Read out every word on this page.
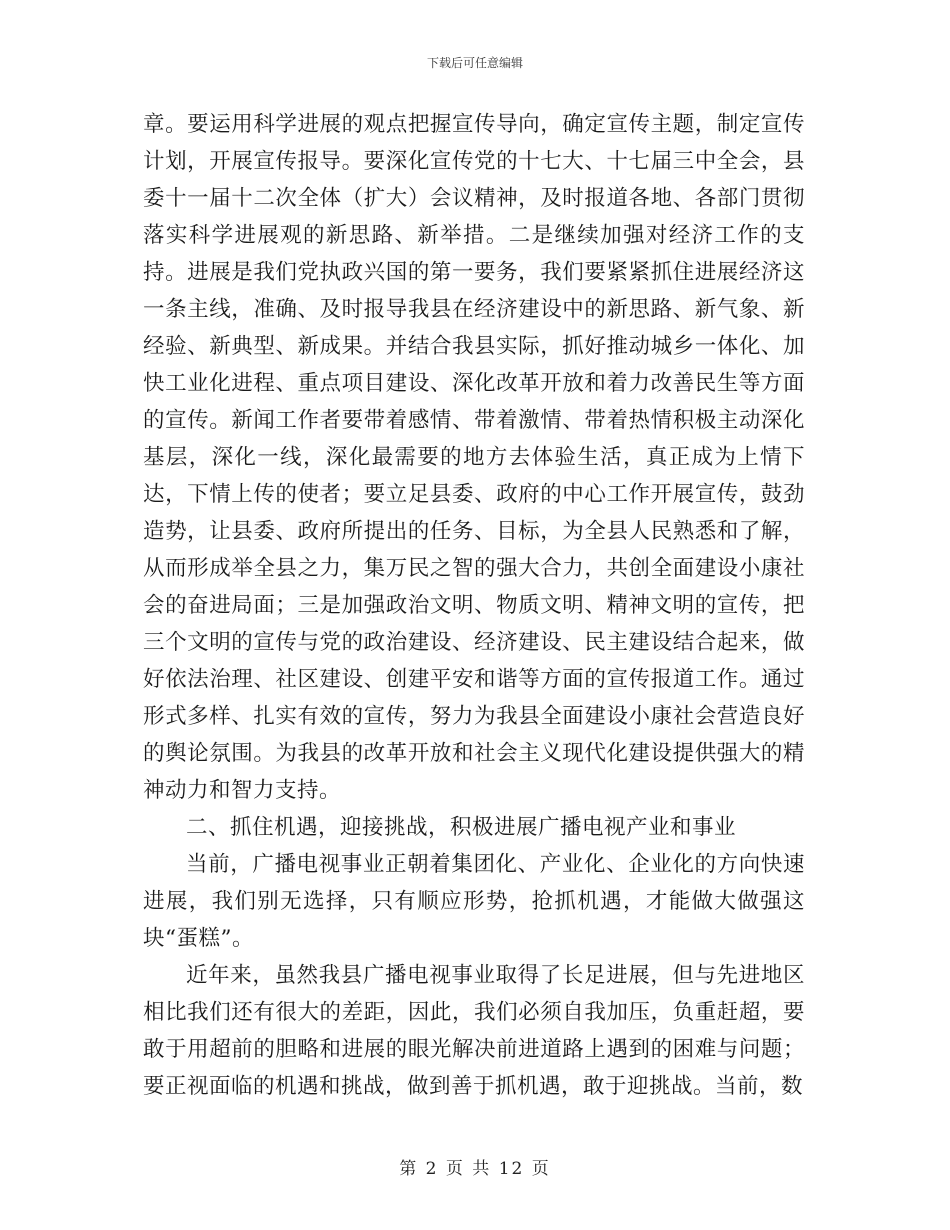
下载后可任意编辑

章。要运用科学进展的观点把握宣传导向，确定宣传主题，制定宣传计划，开展宣传报导。要深化宣传党的十七大、十七届三中全会，县委十一届十二次全体（扩大）会议精神，及时报道各地、各部门贯彻落实科学进展观的新思路、新举措。二是继续加强对经济工作的支持。进展是我们党执政兴国的第一要务，我们要紧紧抓住进展经济这一条主线，准确、及时报导我县在经济建设中的新思路、新气象、新经验、新典型、新成果。并结合我县实际，抓好推动城乡一体化、加快工业化进程、重点项目建设、深化改革开放和着力改善民生等方面的宣传。新闻工作者要带着感情、带着激情、带着热情积极主动深化基层，深化一线，深化最需要的地方去体验生活，真正成为上情下达，下情上传的使者；要立足县委、政府的中心工作开展宣传，鼓劲造势，让县委、政府所提出的任务、目标，为全县人民熟悉和了解，从而形成举全县之力，集万民之智的强大合力，共创全面建设小康社会的奋进局面；三是加强政治文明、物质文明、精神文明的宣传，把三个文明的宣传与党的政治建设、经济建设、民主建设结合起来，做好依法治理、社区建设、创建平安和谐等方面的宣传报道工作。通过形式多样、扎实有效的宣传，努力为我县全面建设小康社会营造良好的舆论氛围。为我县的改革开放和社会主义现代化建设提供强大的精神动力和智力支持。

二、抓住机遇，迎接挑战，积极进展广播电视产业和事业

当前，广播电视事业正朝着集团化、产业化、企业化的方向快速进展，我们别无选择，只有顺应形势，抢抓机遇，才能做大做强这块“蛋糕”。

近年来，虽然我县广播电视事业取得了长足进展，但与先进地区相比我们还有很大的差距，因此，我们必须自我加压，负重赶超，要敢于用超前的胆略和进展的眼光解决前进道路上遇到的困难与问题；要正视面临的机遇和挑战，做到善于抓机遇，敢于迎挑战。当前，数

第 2 页 共 12 页
